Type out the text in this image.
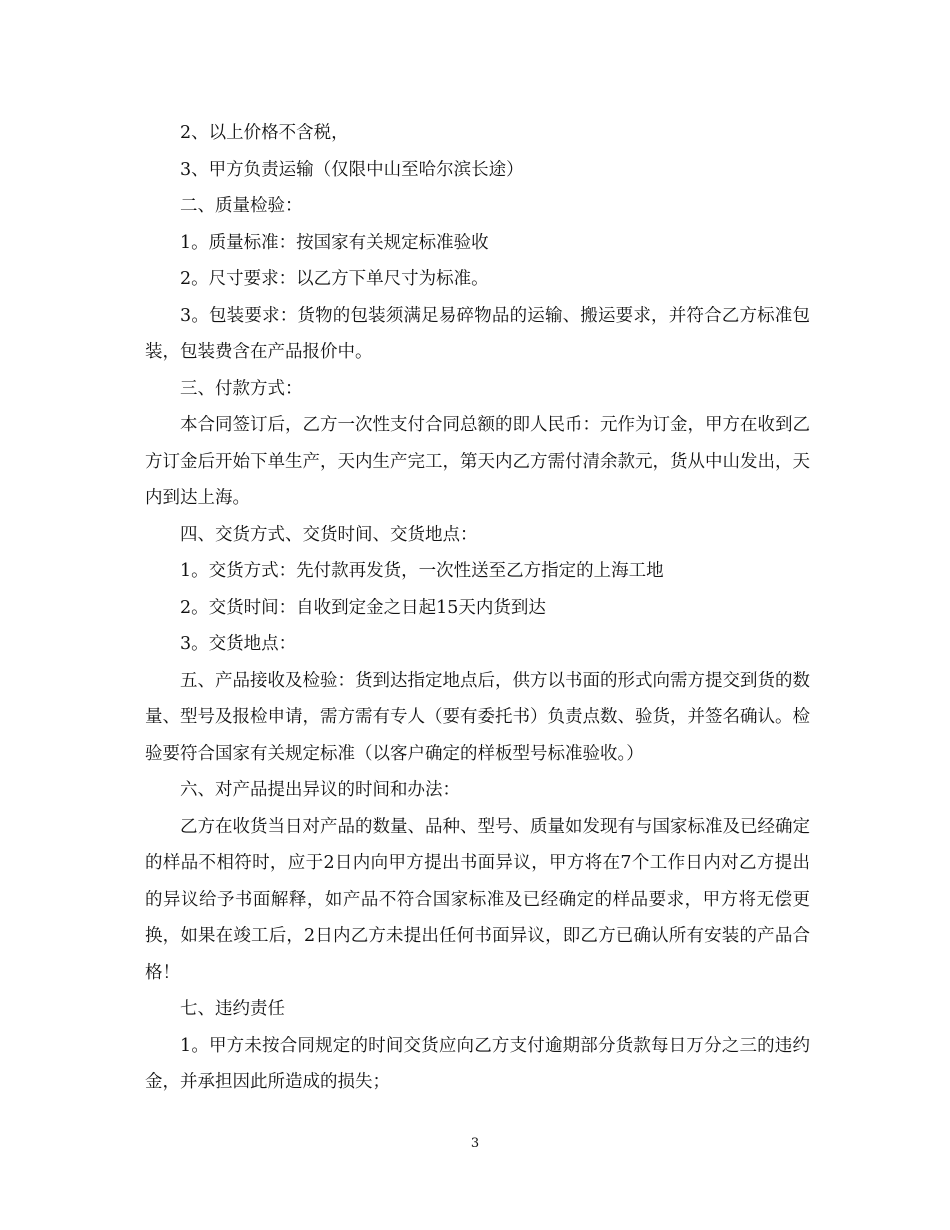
2、以上价格不含税，

3、甲方负责运输（仅限中山至哈尔滨长途）

二、质量检验：

1。质量标准：按国家有关规定标准验收

2。尺寸要求：以乙方下单尺寸为标准。

3。包装要求：货物的包装须满足易碎物品的运输、搬运要求，并符合乙方标准包装，包装费含在产品报价中。

三、付款方式：

本合同签订后，乙方一次性支付合同总额的即人民币：元作为订金，甲方在收到乙方订金后开始下单生产，天内生产完工，第天内乙方需付清余款元，货从中山发出，天内到达上海。

四、交货方式、交货时间、交货地点：

1。交货方式：先付款再发货，一次性送至乙方指定的上海工地

2。交货时间：自收到定金之日起15天内货到达

3。交货地点：

五、产品接收及检验：货到达指定地点后，供方以书面的形式向需方提交到货的数量、型号及报检申请，需方需有专人（要有委托书）负责点数、验货，并签名确认。检验要符合国家有关规定标准（以客户确定的样板型号标准验收。）

六、对产品提出异议的时间和办法：

乙方在收货当日对产品的数量、品种、型号、质量如发现有与国家标准及已经确定的样品不相符时，应于2日内向甲方提出书面异议，甲方将在7个工作日内对乙方提出的异议给予书面解释，如产品不符合国家标准及已经确定的样品要求，甲方将无偿更换，如果在竣工后，2日内乙方未提出任何书面异议，即乙方已确认所有安装的产品合格！

七、违约责任

1。甲方未按合同规定的时间交货应向乙方支付逾期部分货款每日万分之三的违约金，并承担因此所造成的损失；

3
